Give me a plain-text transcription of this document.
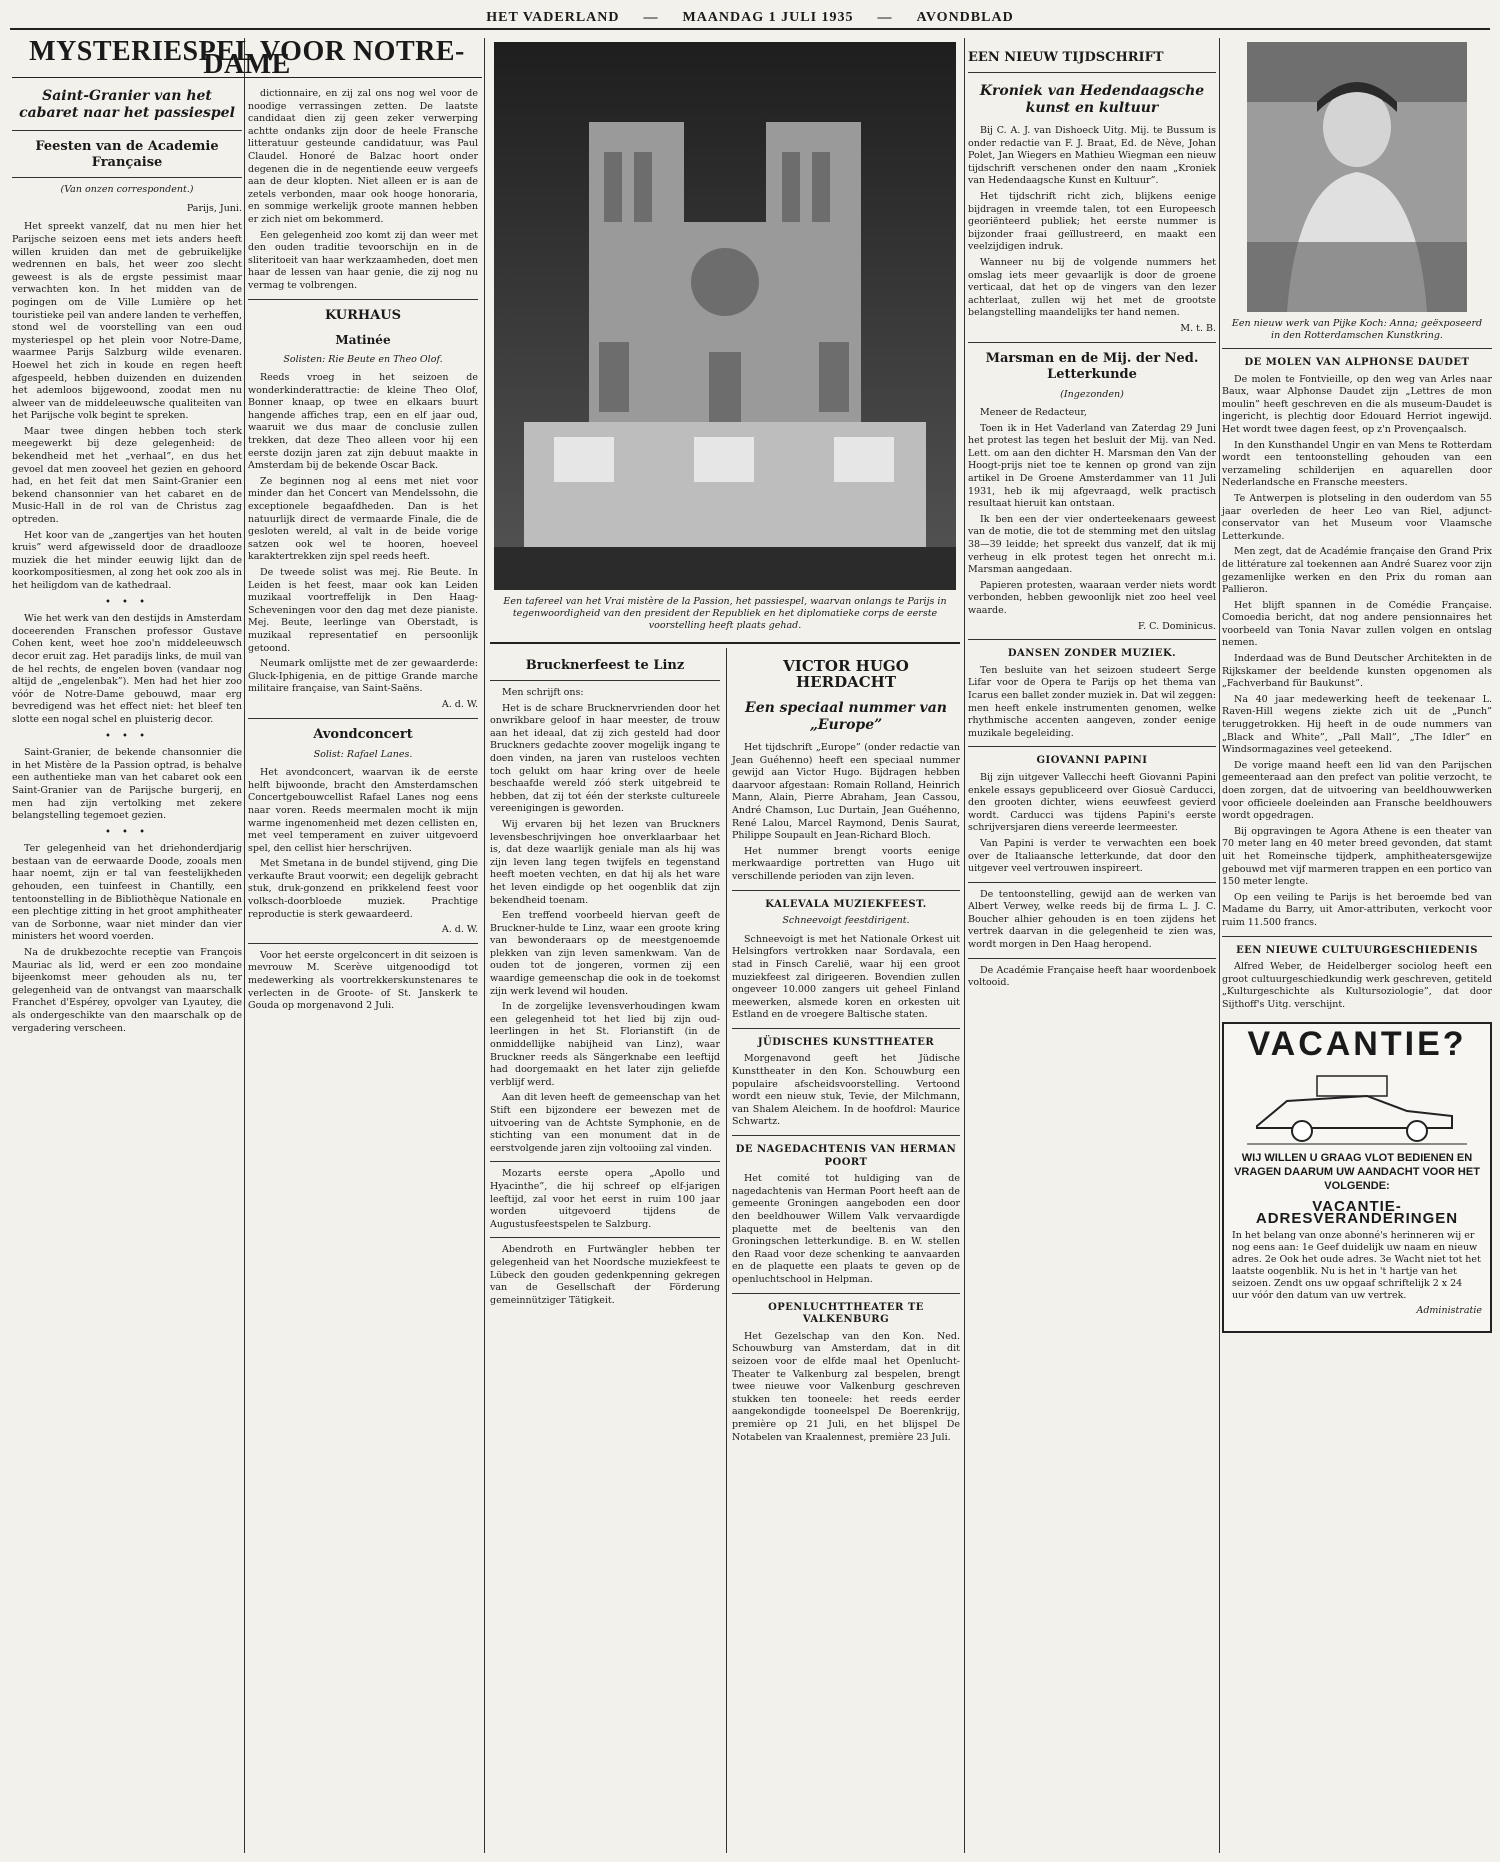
HET VADERLAND — MAANDAG 1 JULI 1935 — AVONDBLAD
MYSTERIESPEL VOOR NOTRE-DAME
Saint-Granier van het cabaret naar het passiespel
Feesten van de Academie Française
(Van onzen correspondent.)
Parijs, Juni.

Het spreekt vanzelf, dat nu men hier het Parijsche seizoen eens met iets anders heeft willen kruiden dan met de gebruikelijke wedrennen en bals, het weer zoo slecht geweest is als de ergste pessimist maar verwachten kon. In het midden van de pogingen om de Ville Lumière op het touristieke peil van andere landen te verheffen, stond wel de voorstelling van een oud mysteriespel op het plein voor Notre-Dame, waarmee Parijs Salzburg wilde evenaren. Hoewel het zich in koude en regen heeft afgespeeld, hebben duizenden en duizenden het ademloos bijgewoond, zoodat men nu alweer van de middeleeuwsche qualiteiten van het Parijsche volk begint te spreken.

Maar twee dingen hebben toch sterk meegewerkt bij deze gelegenheid: de bekendheid met het „verhaal”, en dus het gevoel dat men zooveel het gezien en gehoord had, en het feit dat men Saint-Granier een bekend chansonnier van het cabaret en de Music-Hall in de rol van de Christus zag optreden.

Het koor van de „zangertjes van het houten kruis” werd afgewisseld door de draadlooze muziek die het minder eeuwig lijkt dan de koorkompositiesmen, al zong het ook zoo als in het heiligdom van de kathedraal.

• • •

Wie het werk van den destijds in Amsterdam doceerenden Franschen professor Gustave Cohen kent, weet hoe zoo'n middeleeuwsch decor eruit zag. Het paradijs links, de muil van de hel rechts, de engelen boven (vandaar nog altijd de „engelenbak”). Men had het hier zoo vóór de Notre-Dame gebouwd, maar erg bevredigend was het effect niet: het bleef ten slotte een nogal schel en pluisterig decor.

• • •

Saint-Granier, de bekende chansonnier die in het Mistère de la Passion optrad, is behalve een authentieke man van het cabaret ook een Saint-Granier van de Parijsche burgerij, en men had zijn vertolking met zekere belangstelling tegemoet gezien.

• • •

Ter gelegenheid van het driehonderdjarig bestaan van de eerwaarde Doode, zooals men haar noemt, zijn er tal van feestelijkheden gehouden, een tuinfeest in Chantilly, een tentoonstelling in de Bibliothèque Nationale en een plechtige zitting in het groot amphitheater van de Sorbonne, waar niet minder dan vier ministers het woord voerden.

Na de drukbezochte receptie van François Mauriac als lid, werd er een zoo mondaine bijeenkomst meer gehouden als nu, ter gelegenheid van de ontvangst van maarschalk Franchet d'Espérey, opvolger van Lyautey, die als ondergeschikte van den maarschalk op de vergadering verscheen.

dictionnaire, en zij zal ons nog wel voor de noodige verrassingen zetten. De laatste candidaat dien zij geen zeker verwerping achtte ondanks zijn door de heele Fransche litteratuur gesteunde candidatuur, was Paul Claudel. Honoré de Balzac hoort onder degenen die in de negentiende eeuw vergeefs aan de deur klopten. Niet alleen er is aan de zetels verbonden, maar ook hooge honoraria, en sommige werkelijk groote mannen hebben er zich niet om bekommerd.

Een gelegenheid zoo komt zij dan weer met den ouden traditie tevoorschijn en in de sliteritoeit van haar werkzaamheden, doet men haar de lessen van haar genie, die zij nog nu vermag te volbrengen.

KURHAUS
Matinée
Solisten: Rie Beute en Theo Olof.

Reeds vroeg in het seizoen de wonderkinderattractie: de kleine Theo Olof, Bonner knaap, op twee en elkaars buurt hangende affiches trap, een en elf jaar oud, waaruit we dus maar de conclusie zullen trekken, dat deze Theo alleen voor hij een eerste dozijn jaren zat zijn debuut maakte in Amsterdam bij de bekende Oscar Back.

Ze beginnen nog al eens met niet voor minder dan het Concert van Mendelssohn, die exceptionele begaafdheden. Dan is het natuurlijk direct de vermaarde Finale, die de gesloten wereld, al valt in de beide vorige satzen ook wel te hooren, hoeveel karaktertrekken zijn spel reeds heeft.

De tweede solist was mej. Rie Beute. In Leiden is het feest, maar ook kan Leiden muzikaal voortreffelijk in Den Haag-Scheveningen voor den dag met deze pianiste. Mej. Beute, leerlinge van Oberstadt, is muzikaal representatief en persoonlijk getoond.

Neumark omlijstte met de zer gewaarderde: Gluck-Iphigenia, en de pittige Grande marche militaire française, van Saint-Saëns.

A. d. W.
Avondconcert
Solist: Rafael Lanes.

Het avondconcert, waarvan ik de eerste helft bijwoonde, bracht den Amsterdamschen Concertgebouwcellist Rafael Lanes nog eens naar voren. Reeds meermalen mocht ik mijn warme ingenomenheid met dezen cellisten en, met veel temperament en zuiver uitgevoerd spel, den cellist hier herschrijven.

Met Smetana in de bundel stijvend, ging Die verkaufte Braut voorwit; een degelijk gebracht stuk, druk-gonzend en prikkelend feest voor volksch-doorbloede muziek. Prachtige reproductie is sterk gewaardeerd.

A. d. W.

Voor het eerste orgelconcert in dit seizoen is mevrouw M. Scerève uitgenoodigd tot medewerking als voortrekkerskunstenares te verlecten in de Groote- of St. Janskerk te Gouda op morgenavond 2 Juli.

Een tafereel van het Vrai mistère de la Passion, het passiespel, waarvan onlangs te Parijs in tegenwoordigheid van den president der Republiek en het diplomatieke corps de eerste voorstelling heeft plaats gehad.
Brucknerfeest te Linz

Men schrijft ons:

Het is de schare Brucknervrienden door het onwrikbare geloof in haar meester, de trouw aan het ideaal, dat zij zich gesteld had door Bruckners gedachte zoover mogelijk ingang te doen vinden, na jaren van rusteloos vechten toch gelukt om haar kring over de heele beschaafde wereld zóó sterk uitgebreid te hebben, dat zij tot één der sterkste cultureele vereenigingen is geworden.

Wij ervaren bij het lezen van Bruckners levensbeschrijvingen hoe onverklaarbaar het is, dat deze waarlijk geniale man als hij was zijn leven lang tegen twijfels en tegenstand heeft moeten vechten, en dat hij als het ware het leven eindigde op het oogenblik dat zijn bekendheid toenam.

Een treffend voorbeeld hiervan geeft de Bruckner-hulde te Linz, waar een groote kring van bewonderaars op de meestgenoemde plekken van zijn leven samenkwam. Van de ouden tot de jongeren, vormen zij een waardige gemeenschap die ook in de toekomst zijn werk levend wil houden.

In de zorgelijke levensverhoudingen kwam een gelegenheid tot het lied bij zijn oud-leerlingen in het St. Florianstift (in de onmiddellijke nabijheid van Linz), waar Bruckner reeds als Sängerknabe een leeftijd had doorgemaakt en het later zijn geliefde verblijf werd.

Aan dit leven heeft de gemeenschap van het Stift een bijzondere eer bewezen met de uitvoering van de Achtste Symphonie, en de stichting van een monument dat in de eerstvolgende jaren zijn voltooiing zal vinden.

Mozarts eerste opera „Apollo und Hyacinthe”, die hij schreef op elf-jarigen leeftijd, zal voor het eerst in ruim 100 jaar worden uitgevoerd tijdens de Augustusfeestspelen te Salzburg.

Abendroth en Furtwängler hebben ter gelegenheid van het Noordsche muziekfeest te Lübeck den gouden gedenkpenning gekregen van de Gesellschaft der Förderung gemeinnütziger Tätigkeit.

VICTOR HUGO HERDACHT
Een speciaal nummer van „Europe”

Het tijdschrift „Europe” (onder redactie van Jean Guéhenno) heeft een speciaal nummer gewijd aan Victor Hugo. Bijdragen hebben daarvoor afgestaan: Romain Rolland, Heinrich Mann, Alain, Pierre Abraham, Jean Cassou, André Chamson, Luc Durtain, Jean Guéhenno, René Lalou, Marcel Raymond, Denis Saurat, Philippe Soupault en Jean-Richard Bloch.

Het nummer brengt voorts eenige merkwaardige portretten van Hugo uit verschillende perioden van zijn leven.

KALEVALA MUZIEKFEEST.
Schneevoigt feestdirigent.

Schneevoigt is met het Nationale Orkest uit Helsingfors vertrokken naar Sordavala, een stad in Finsch Carelië, waar hij een groot muziekfeest zal dirigeeren. Bovendien zullen ongeveer 10.000 zangers uit geheel Finland meewerken, alsmede koren en orkesten uit Estland en de vroegere Baltische staten.

JÜDISCHES KUNSTTHEATER

Morgenavond geeft het Jüdische Kunsttheater in den Kon. Schouwburg een populaire afscheidsvoorstelling. Vertoond wordt een nieuw stuk, Tevie, der Milchmann, van Shalem Aleichem. In de hoofdrol: Maurice Schwartz.

DE NAGEDACHTENIS VAN HERMAN POORT

Het comité tot huldiging van de nagedachtenis van Herman Poort heeft aan de gemeente Groningen aangeboden een door den beeldhouwer Willem Valk vervaardigde plaquette met de beeltenis van den Groningschen letterkundige. B. en W. stellen den Raad voor deze schenking te aanvaarden en de plaquette een plaats te geven op de openluchtschool in Helpman.

OPENLUCHTTHEATER TE VALKENBURG

Het Gezelschap van den Kon. Ned. Schouwburg van Amsterdam, dat in dit seizoen voor de elfde maal het Openlucht-Theater te Valkenburg zal bespelen, brengt twee nieuwe voor Valkenburg geschreven stukken ten tooneele: het reeds eerder aangekondigde tooneelspel De Boerenkrijg, première op 21 Juli, en het blijspel De Notabelen van Kraalennest, première 23 Juli.

EEN NIEUW TIJDSCHRIFT
Kroniek van Hedendaagsche kunst en kultuur

Bij C. A. J. van Dishoeck Uitg. Mij. te Bussum is onder redactie van F. J. Braat, Ed. de Nève, Johan Polet, Jan Wiegers en Mathieu Wiegman een nieuw tijdschrift verschenen onder den naam „Kroniek van Hedendaagsche Kunst en Kultuur”.

Het tijdschrift richt zich, blijkens eenige bijdragen in vreemde talen, tot een Europeesch georiënteerd publiek; het eerste nummer is bijzonder fraai geïllustreerd, en maakt een veelzijdigen indruk.

Wanneer nu bij de volgende nummers het omslag iets meer gevaarlijk is door de groene verticaal, dat het op de vingers van den lezer achterlaat, zullen wij het met de grootste belangstelling maandelijks ter hand nemen.

M. t. B.
Marsman en de Mij. der Ned. Letterkunde
(Ingezonden)

Meneer de Redacteur,

Toen ik in Het Vaderland van Zaterdag 29 Juni het protest las tegen het besluit der Mij. van Ned. Lett. om aan den dichter H. Marsman den Van der Hoogt-prijs niet toe te kennen op grond van zijn artikel in De Groene Amsterdammer van 11 Juli 1931, heb ik mij afgevraagd, welk practisch resultaat hieruit kan ontstaan.

Ik ben een der vier onderteekenaars geweest van de motie, die tot de stemming met den uitslag 38—39 leidde; het spreekt dus vanzelf, dat ik mij verheug in elk protest tegen het onrecht m.i. Marsman aangedaan.

Papieren protesten, waaraan verder niets wordt verbonden, hebben gewoonlijk niet zoo heel veel waarde.

F. C. Dominicus.
DANSEN ZONDER MUZIEK.

Ten besluite van het seizoen studeert Serge Lifar voor de Opera te Parijs op het thema van Icarus een ballet zonder muziek in. Dat wil zeggen: men heeft enkele instrumenten genomen, welke rhythmische accenten aangeven, zonder eenige muzikale begeleiding.

GIOVANNI PAPINI

Bij zijn uitgever Vallecchi heeft Giovanni Papini enkele essays gepubliceerd over Giosuè Carducci, den grooten dichter, wiens eeuwfeest gevierd wordt. Carducci was tijdens Papini's eerste schrijversjaren diens vereerde leermeester.

Van Papini is verder te verwachten een boek over de Italiaansche letterkunde, dat door den uitgever veel vertrouwen inspireert.

De tentoonstelling, gewijd aan de werken van Albert Verwey, welke reeds bij de firma L. J. C. Boucher alhier gehouden is en toen zijdens het vertrek daarvan in die gelegenheid te zien was, wordt morgen in Den Haag heropend.

De Académie Française heeft haar woordenboek voltooid.

Een nieuw werk van Pijke Koch: Anna; geëxposeerd in den Rotterdamschen Kunstkring.
DE MOLEN VAN ALPHONSE DAUDET

De molen te Fontvieille, op den weg van Arles naar Baux, waar Alphonse Daudet zijn „Lettres de mon moulin” heeft geschreven en die als museum-Daudet is ingericht, is plechtig door Edouard Herriot ingewijd. Het wordt twee dagen feest, op z'n Provençaalsch.

In den Kunsthandel Ungir en van Mens te Rotterdam wordt een tentoonstelling gehouden van een verzameling schilderijen en aquarellen door Nederlandsche en Fransche meesters.

Te Antwerpen is plotseling in den ouderdom van 55 jaar overleden de heer Leo van Riel, adjunct-conservator van het Museum voor Vlaamsche Letterkunde.

Men zegt, dat de Académie française den Grand Prix de littérature zal toekennen aan André Suarez voor zijn gezamenlijke werken en den Prix du roman aan Pallieron.

Het blijft spannen in de Comédie Française. Comoedia bericht, dat nog andere pensionnaires het voorbeeld van Tonia Navar zullen volgen en ontslag nemen.

Inderdaad was de Bund Deutscher Architekten in de Rijkskamer der beeldende kunsten opgenomen als „Fachverband für Baukunst”.

Na 40 jaar medewerking heeft de teekenaar L. Raven-Hill wegens ziekte zich uit de „Punch” teruggetrokken. Hij heeft in de oude nummers van „Black and White”, „Pall Mall”, „The Idler” en Windsormagazines veel geteekend.

De vorige maand heeft een lid van den Parijschen gemeenteraad aan den prefect van politie verzocht, te doen zorgen, dat de uitvoering van beeldhouwwerken voor officieele doeleinden aan Fransche beeldhouwers wordt opgedragen.

Bij opgravingen te Agora Athene is een theater van 70 meter lang en 40 meter breed gevonden, dat stamt uit het Romeinsche tijdperk, amphitheatersgewijze gebouwd met vijf marmeren trappen en een portico van 150 meter lengte.

Op een veiling te Parijs is het beroemde bed van Madame du Barry, uit Amor-attributen, verkocht voor ruim 11.500 francs.

EEN NIEUWE CULTUURGESCHIEDENIS

Alfred Weber, de Heidelberger sociolog heeft een groot cultuurgeschiedkundig werk geschreven, getiteld „Kulturgeschichte als Kultursoziologie”, dat door Sijthoff's Uitg. verschijnt.

VACANTIE?
WIJ WILLEN U GRAAG VLOT BEDIENEN EN VRAGEN DAARUM UW AANDACHT VOOR HET VOLGENDE:
VACANTIE-ADRESVERANDERINGEN
In het belang van onze abonné's herinneren wij er nog eens aan: 1e Geef duidelijk uw naam en nieuw adres. 2e Ook het oude adres. 3e Wacht niet tot het laatste oogenblik. Nu is het in 't hartje van het seizoen. Zendt ons uw opgaaf schriftelijk 2 x 24 uur vóór den datum van uw vertrek.
Administratie
